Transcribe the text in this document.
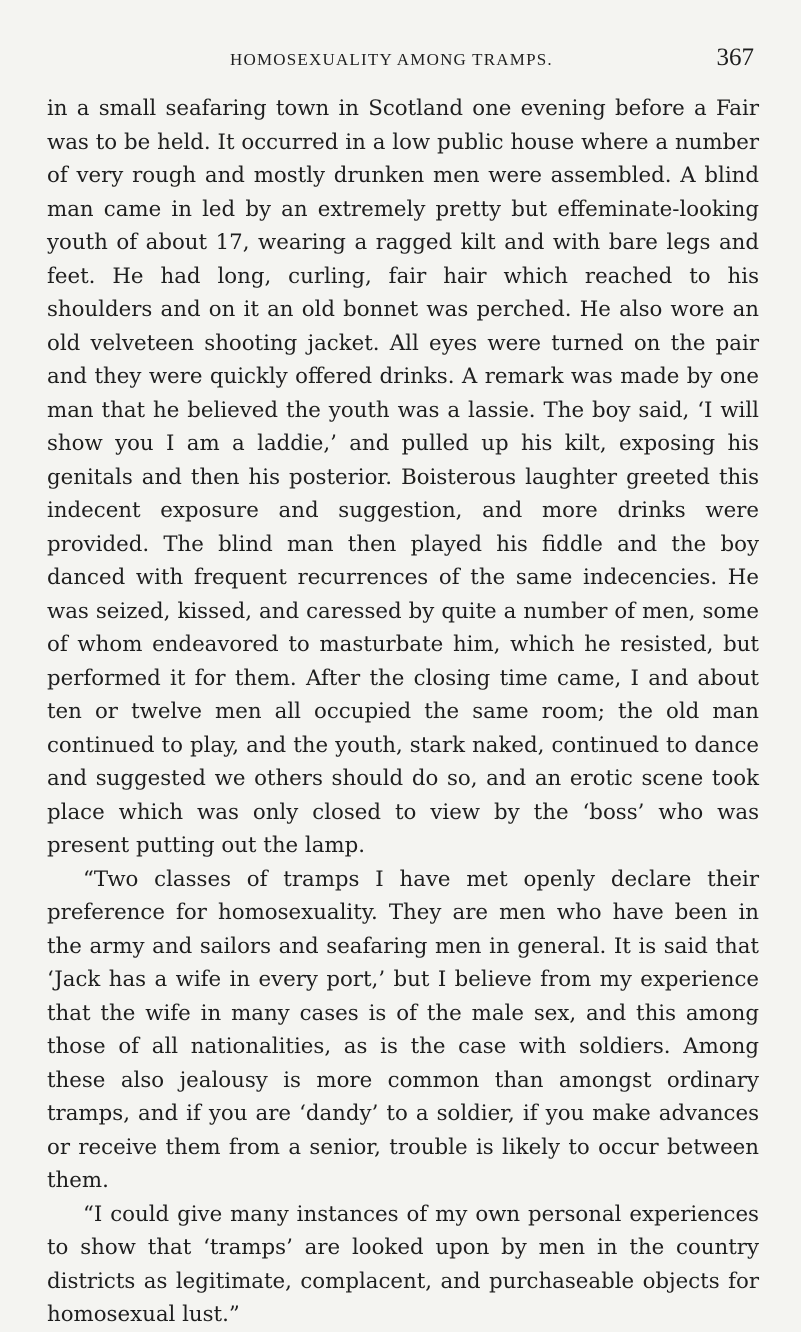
HOMOSEXUALITY AMONG TRAMPS.	367

in a small seafaring town in Scotland one evening before a Fair was to be held. It occurred in a low public house where a number of very rough and mostly drunken men were assembled. A blind man came in led by an extremely pretty but effeminate-looking youth of about 17, wearing a ragged kilt and with bare legs and feet. He had long, curling, fair hair which reached to his shoulders and on it an old bonnet was perched. He also wore an old velveteen shooting jacket. All eyes were turned on the pair and they were quickly offered drinks. A remark was made by one man that he believed the youth was a lassie. The boy said, ‘I will show you I am a laddie,’ and pulled up his kilt, exposing his genitals and then his posterior. Boisterous laughter greeted this indecent exposure and suggestion, and more drinks were provided. The blind man then played his fiddle and the boy danced with frequent recurrences of the same indecencies. He was seized, kissed, and caressed by quite a number of men, some of whom endeavored to masturbate him, which he resisted, but performed it for them. After the closing time came, I and about ten or twelve men all occupied the same room; the old man continued to play, and the youth, stark naked, continued to dance and suggested we others should do so, and an erotic scene took place which was only closed to view by the ‘boss’ who was present putting out the lamp.

“Two classes of tramps I have met openly declare their preference for homosexuality. They are men who have been in the army and sailors and seafaring men in general. It is said that ‘Jack has a wife in every port,’ but I believe from my experience that the wife in many cases is of the male sex, and this among those of all nationalities, as is the case with soldiers. Among these also jealousy is more common than amongst ordinary tramps, and if you are ‘dandy’ to a soldier, if you make advances or receive them from a senior, trouble is likely to occur between them.

“I could give many instances of my own personal experiences to show that ‘tramps’ are looked upon by men in the country districts as legitimate, complacent, and purchaseable objects for homosexual lust.”
